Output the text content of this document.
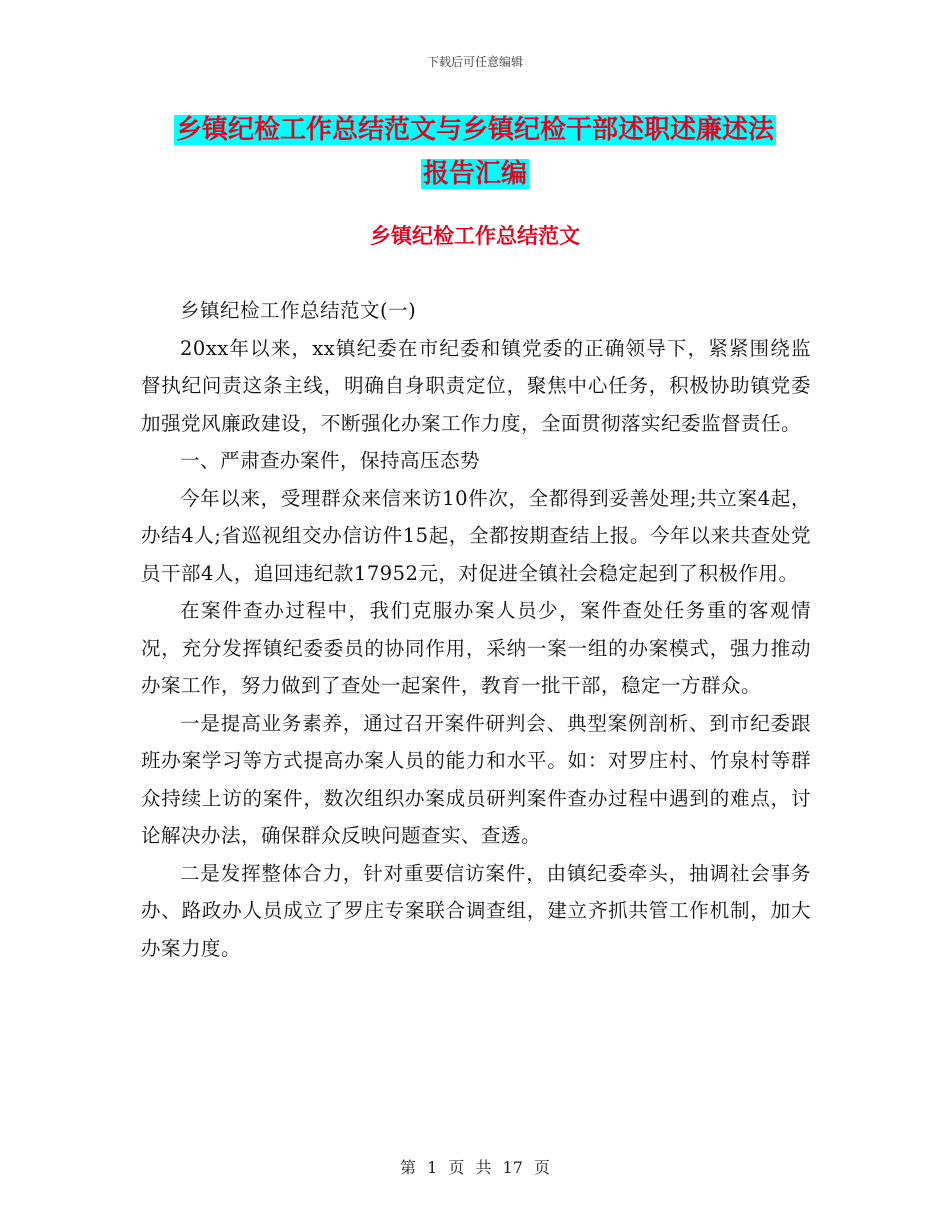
下载后可任意编辑
乡镇纪检工作总结范文与乡镇纪检干部述职述廉述法
报告汇编
乡镇纪检工作总结范文

乡镇纪检工作总结范文(一)

20xx年以来，xx镇纪委在市纪委和镇党委的正确领导下，紧紧围绕监督执纪问责这条主线，明确自身职责定位，聚焦中心任务，积极协助镇党委加强党风廉政建设，不断强化办案工作力度，全面贯彻落实纪委监督责任。

一、严肃查办案件，保持高压态势

今年以来，受理群众来信来访10件次，全都得到妥善处理;共立案4起，办结4人;省巡视组交办信访件15起，全都按期查结上报。今年以来共查处党员干部4人，追回违纪款17952元，对促进全镇社会稳定起到了积极作用。

在案件查办过程中，我们克服办案人员少，案件查处任务重的客观情况，充分发挥镇纪委委员的协同作用，采纳一案一组的办案模式，强力推动办案工作，努力做到了查处一起案件，教育一批干部，稳定一方群众。

一是提高业务素养，通过召开案件研判会、典型案例剖析、到市纪委跟班办案学习等方式提高办案人员的能力和水平。如：对罗庄村、竹泉村等群众持续上访的案件，数次组织办案成员研判案件查办过程中遇到的难点，讨论解决办法，确保群众反映问题查实、查透。

二是发挥整体合力，针对重要信访案件，由镇纪委牵头，抽调社会事务办、路政办人员成立了罗庄专案联合调查组，建立齐抓共管工作机制，加大办案力度。

第 1 页 共 17 页
